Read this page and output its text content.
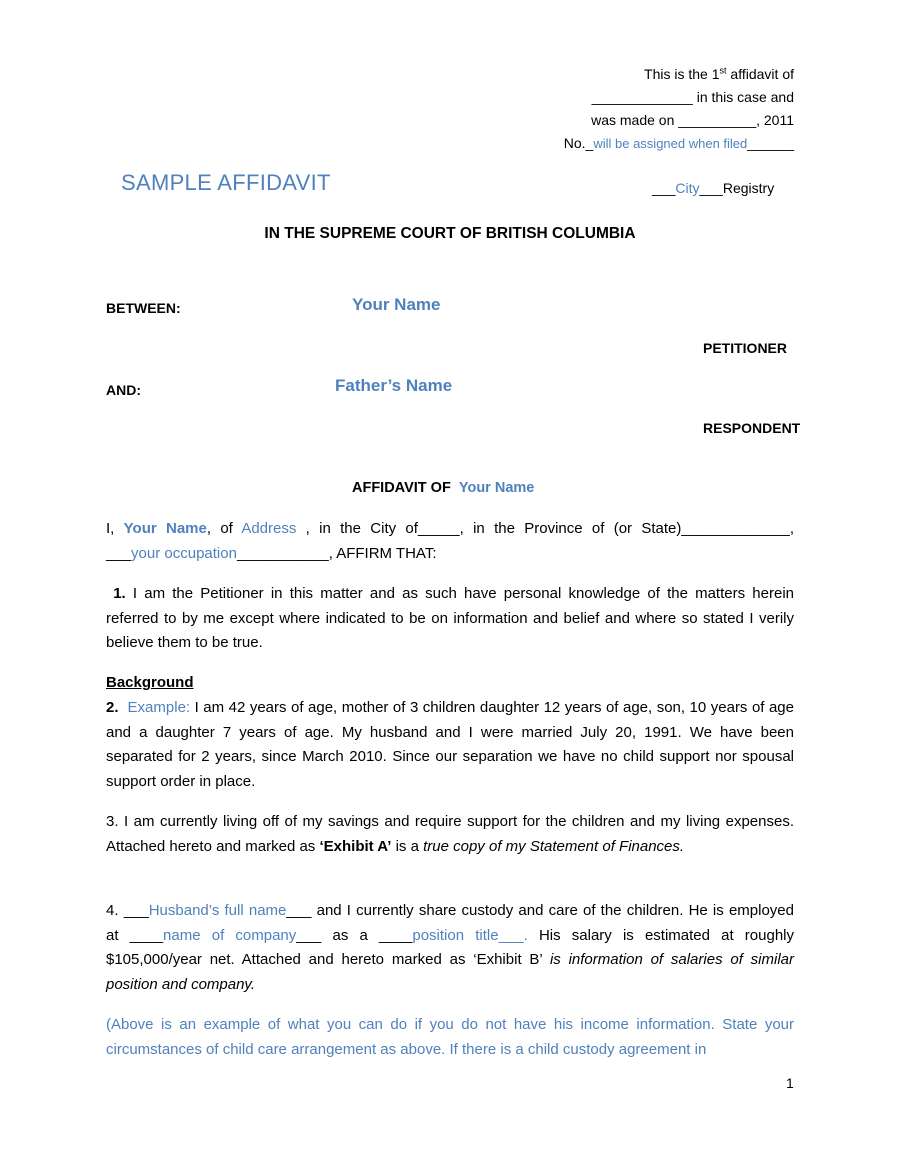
This is the 1st affidavit of
_____________ in this case and
was made on __________, 2011
No._will be assigned when filed______
SAMPLE AFFIDAVIT	___City___Registry
IN THE SUPREME COURT OF BRITISH COLUMBIA
BETWEEN:	Your Name
PETITIONER
AND:	Father’s Name
RESPONDENT
AFFIDAVIT OF Your Name
I, Your Name, of Address , in the City of_____, in the Province of (or State)_____________,
___your occupation___________, AFFIRM THAT:
1. I am the Petitioner in this matter and as such have personal knowledge of the matters herein referred to by me except where indicated to be on information and belief and where so stated I verily believe them to be true.
Background
2. Example: I am 42 years of age, mother of 3 children daughter 12 years of age, son, 10 years of age and a daughter 7 years of age. My husband and I were married July 20, 1991. We have been separated for 2 years, since March 2010. Since our separation we have no child support nor spousal support order in place.
3. I am currently living off of my savings and require support for the children and my living expenses. Attached hereto and marked as ‘Exhibit A’ is a true copy of my Statement of Finances.
4. ___Husband’s full name___ and I currently share custody and care of the children. He is employed at ____name of company___ as a ____position title___. His salary is estimated at roughly $105,000/year net. Attached and hereto marked as ‘Exhibit B’ is information of salaries of similar position and company.
(Above is an example of what you can do if you do not have his income information. State your circumstances of child care arrangement as above. If there is a child custody agreement in
1
